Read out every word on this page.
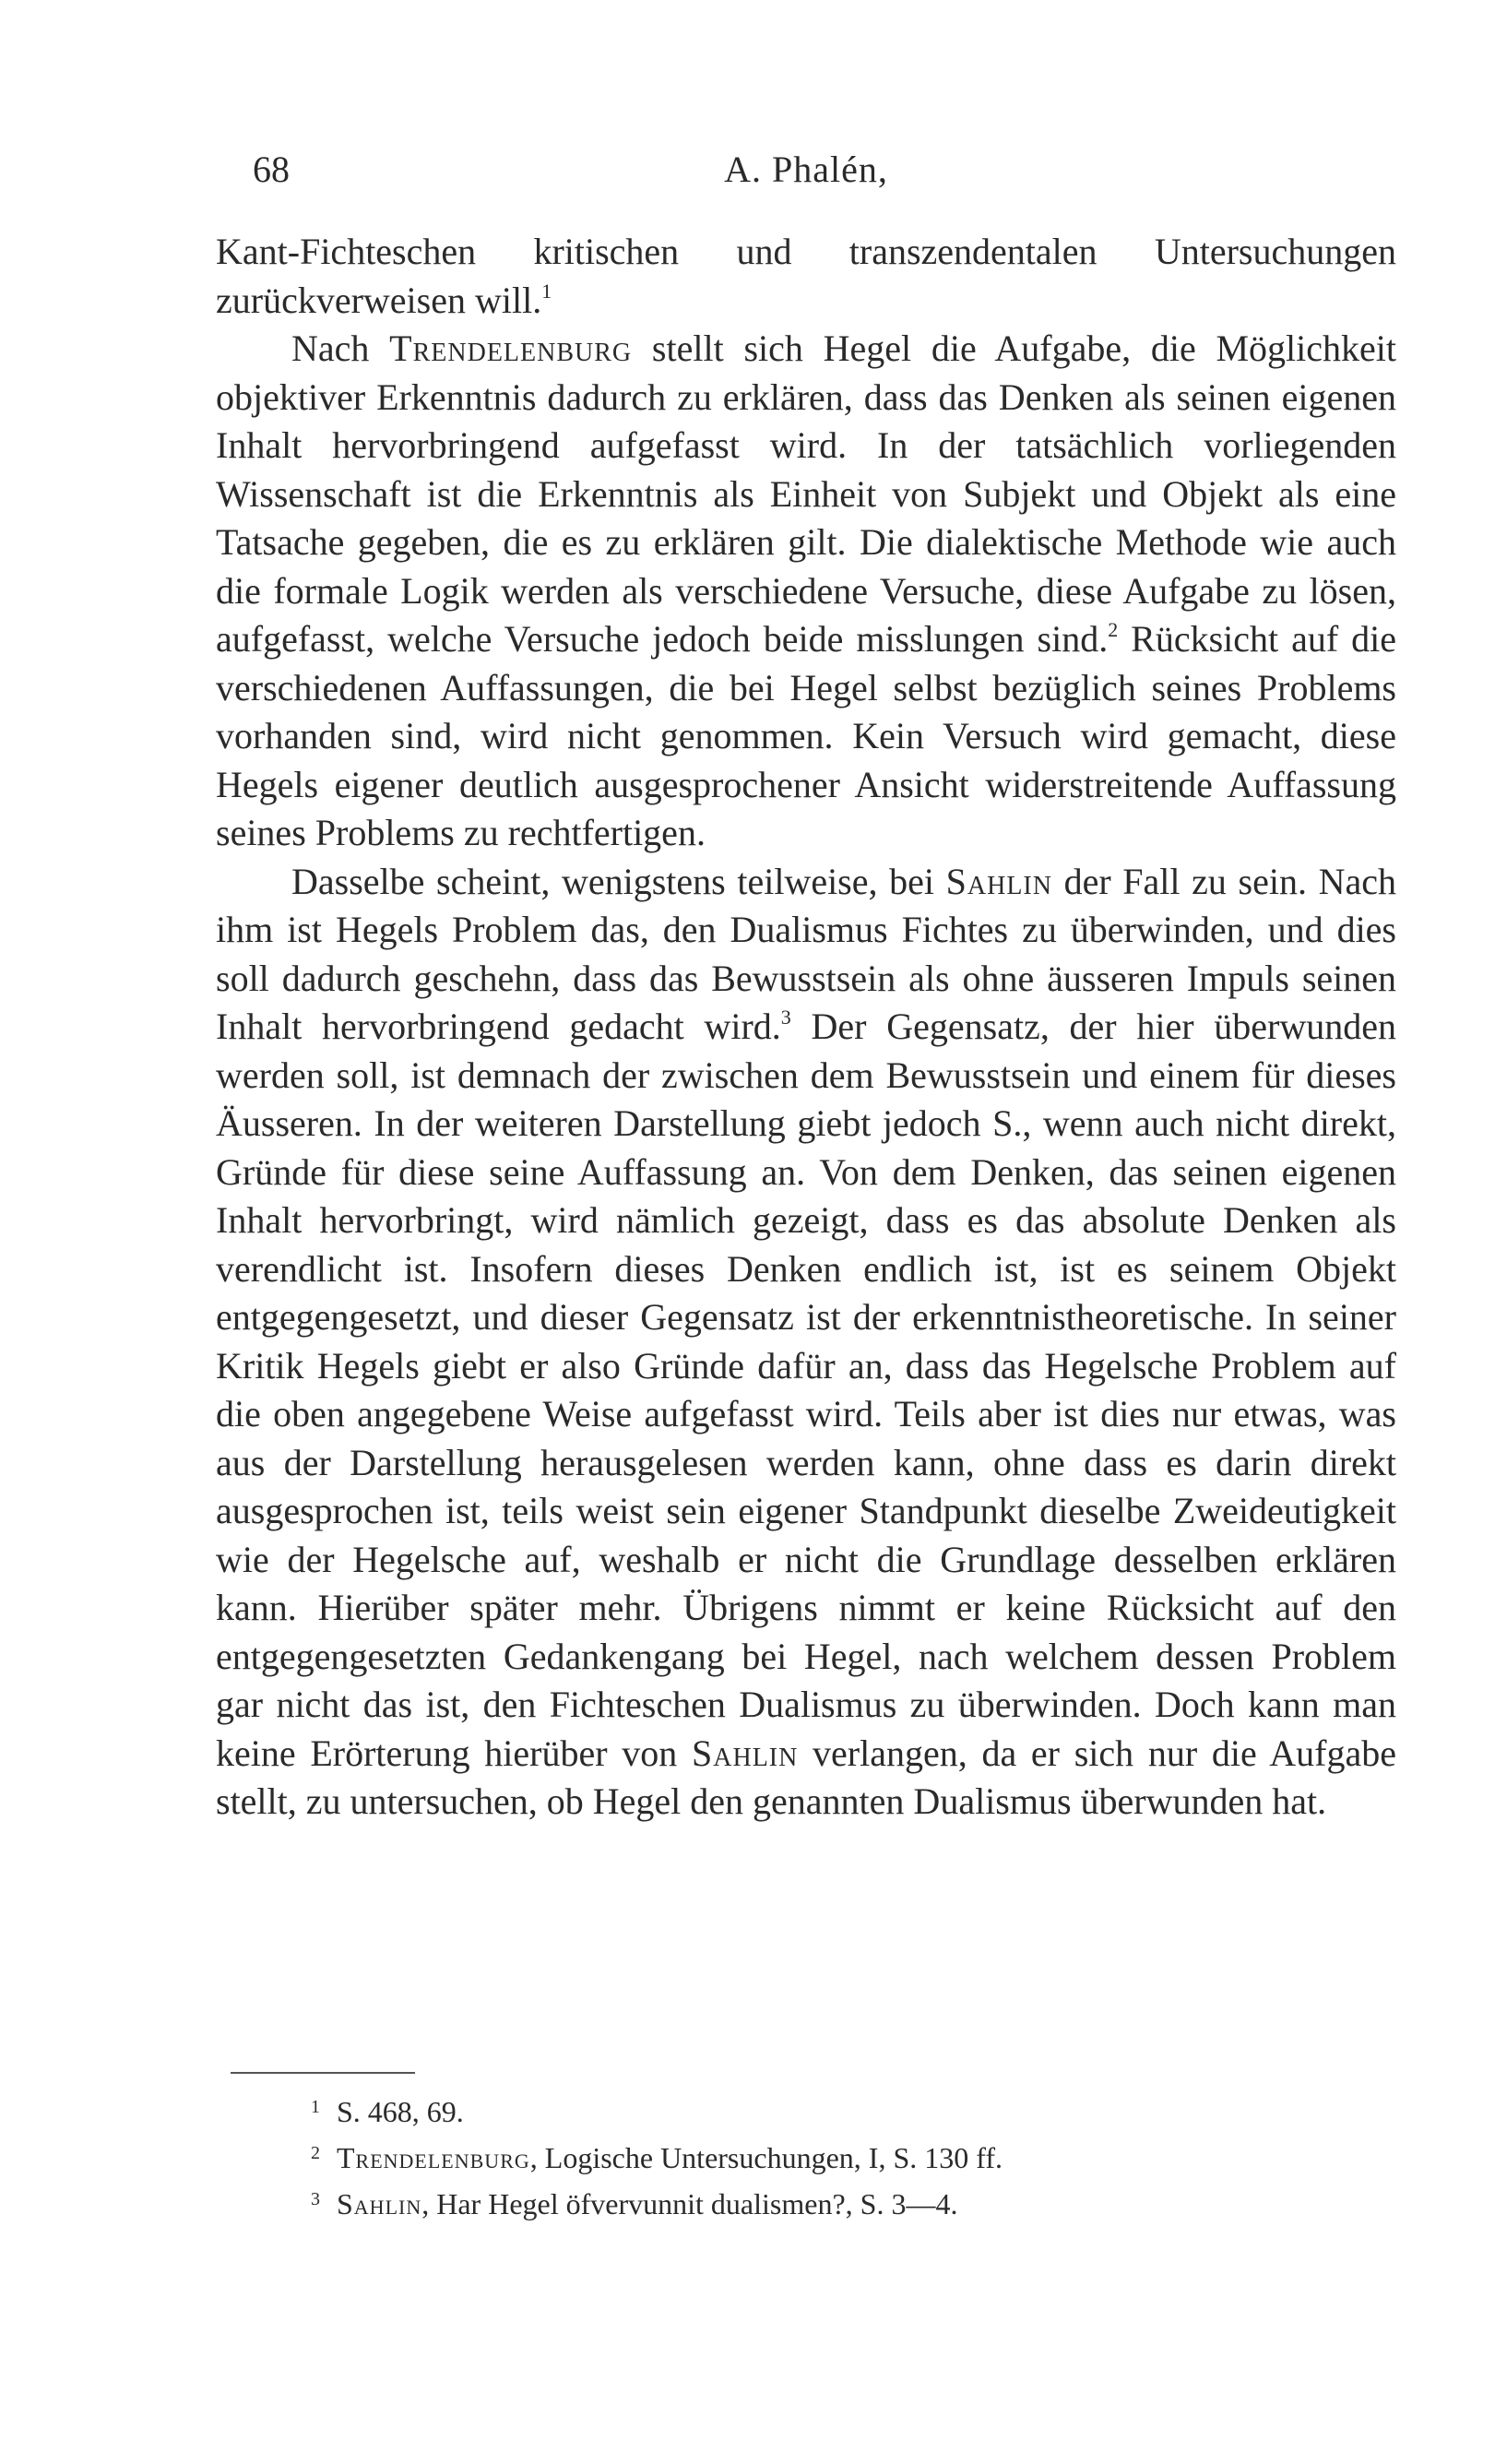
68	A. Phalén,

Kant-Fichteschen kritischen und transzendentalen Untersuchungen zurückverweisen will.$^1$

Nach Trendelenburg stellt sich Hegel die Aufgabe, die Möglichkeit objektiver Erkenntnis dadurch zu erklären, dass das Denken als seinen eigenen Inhalt hervorbringend aufgefasst wird. In der tatsächlich vorliegenden Wissenschaft ist die Erkenntnis als Einheit von Subjekt und Objekt als eine Tatsache gegeben, die es zu erklären gilt. Die dialektische Methode wie auch die formale Logik werden als verschiedene Versuche, diese Aufgabe zu lösen, aufgefasst, welche Versuche jedoch beide misslungen sind.$^2$ Rücksicht auf die verschiedenen Auffassungen, die bei Hegel selbst bezüglich seines Problems vorhanden sind, wird nicht genommen. Kein Versuch wird gemacht, diese Hegels eigener deutlich ausgesprochener Ansicht widerstreitende Auffassung seines Problems zu rechtfertigen.

Dasselbe scheint, wenigstens teilweise, bei Sahlin der Fall zu sein. Nach ihm ist Hegels Problem das, den Dualismus Fichtes zu überwinden, und dies soll dadurch geschehn, dass das Bewusstsein als ohne äusseren Impuls seinen Inhalt hervorbringend gedacht wird.$^3$ Der Gegensatz, der hier überwunden werden soll, ist demnach der zwischen dem Bewusstsein und einem für dieses Äusseren. In der weiteren Darstellung giebt jedoch S., wenn auch nicht direkt, Gründe für diese seine Auffassung an. Von dem Denken, das seinen eigenen Inhalt hervorbringt, wird nämlich gezeigt, dass es das absolute Denken als verendlicht ist. Insofern dieses Denken endlich ist, ist es seinem Objekt entgegengesetzt, und dieser Gegensatz ist der erkenntnistheoretische. In seiner Kritik Hegels giebt er also Gründe dafür an, dass das Hegelsche Problem auf die oben angegebene Weise aufgefasst wird. Teils aber ist dies nur etwas, was aus der Darstellung herausgelesen werden kann, ohne dass es darin direkt ausgesprochen ist, teils weist sein eigener Standpunkt dieselbe Zweideutigkeit wie der Hegelsche auf, weshalb er nicht die Grundlage desselben erklären kann. Hierüber später mehr. Übrigens nimmt er keine Rücksicht auf den entgegengesetzten Gedankengang bei Hegel, nach welchem dessen Problem gar nicht das ist, den Fichteschen Dualismus zu überwinden. Doch kann man keine Erörterung hierüber von Sahlin verlangen, da er sich nur die Aufgabe stellt, zu untersuchen, ob Hegel den genannten Dualismus überwunden hat.

1 S. 468, 69.
2 Trendelenburg, Logische Untersuchungen, I, S. 130 ff.
3 Sahlin, Har Hegel öfvervunnit dualismen?, S. 3—4.
